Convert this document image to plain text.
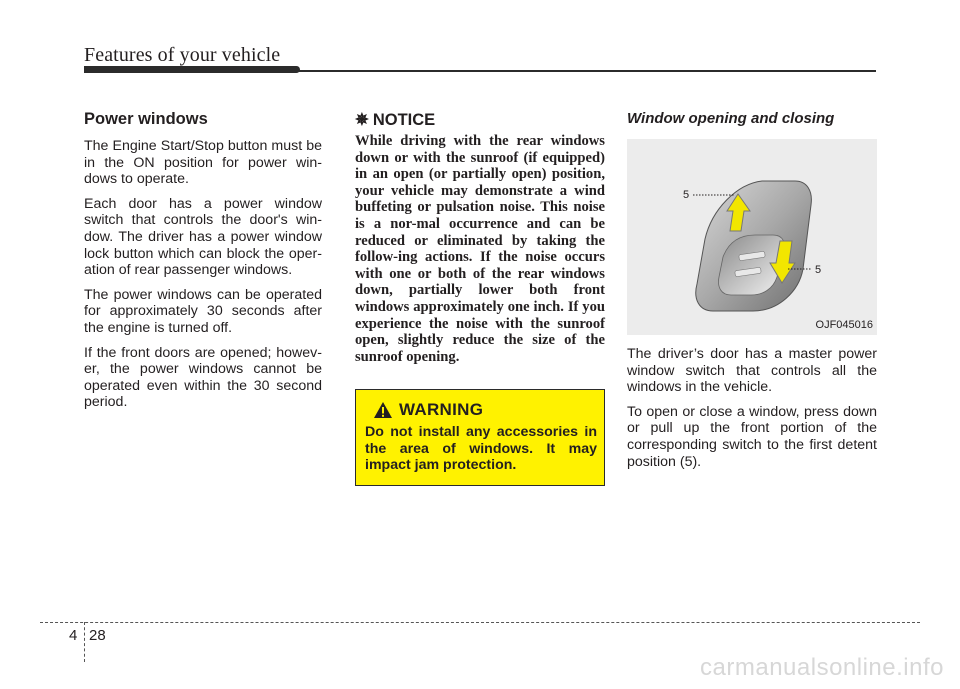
Features of your vehicle
Power windows

The Engine Start/Stop button must be in the ON position for power win-dows to operate.

Each door has a power window switch that controls the door's win-dow. The driver has a power window lock button which can block the oper-ation of rear passenger windows.

The power windows can be operated for approximately 30 seconds after the engine is turned off.

If the front doors are opened; howev-er, the power windows cannot be operated even within the 30 second period.

✵ NOTICE

While driving with the rear windows down or with the sunroof (if equipped) in an open (or partially open) position, your vehicle may demonstrate a wind buffeting or pulsation noise. This noise is a nor-mal occurrence and can be reduced or eliminated by taking the follow-ing actions. If the noise occurs with one or both of the rear windows down, partially lower both front windows approximately one inch. If you experience the noise with the sunroof open, slightly reduce the size of the sunroof opening.

WARNING

Do not install any accessories in the area of windows. It may impact jam protection.

Window opening and closing
5
5
OJF045016

The driver’s door has a master power window switch that controls all the windows in the vehicle.

To open or close a window, press down or pull up the front portion of the corresponding switch to the first detent position (5).

4 28
carmanualsonline.info
